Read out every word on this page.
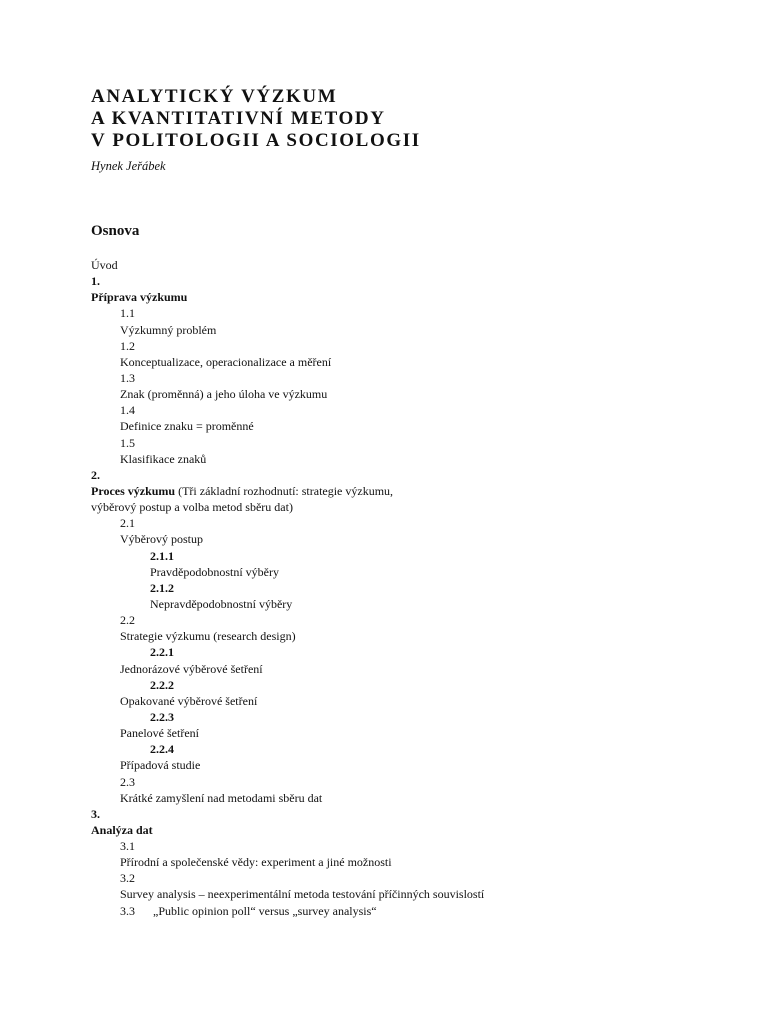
ANALYTICKÝ VÝZKUM
A KVANTITATIVNÍ METODY
V POLITOLOGII A SOCIOLOGII
Hynek Jeřábek
Osnova
Úvod
1.
Příprava výzkumu
1.1
Výzkumný problém
1.2
Konceptualizace, operacionalizace a měření
1.3
Znak (proměnná) a jeho úloha ve výzkumu
1.4
Definice znaku = proměnné
1.5
Klasifikace znaků
2.
Proces výzkumu (Tři základní rozhodnutí: strategie výzkumu,
výběrový postup a volba metod sběru dat)
2.1
Výběrový postup
2.1.1
Pravděpodobnostní výběry
2.1.2
Nepravděpodobnostní výběry
2.2
Strategie výzkumu (research design)
2.2.1
Jednorázové výběrové šetření
2.2.2
Opakované výběrové šetření
2.2.3
Panelové šetření
2.2.4
Případová studie
2.3
Krátké zamyšlení nad metodami sběru dat
3.
Analýza dat
3.1
Přírodní a společenské vědy: experiment a jiné možnosti
3.2
Survey analysis – neexperimentální metoda testování příčinných souvislostí
3.3 „Public opinion poll“ versus „survey analysis“
